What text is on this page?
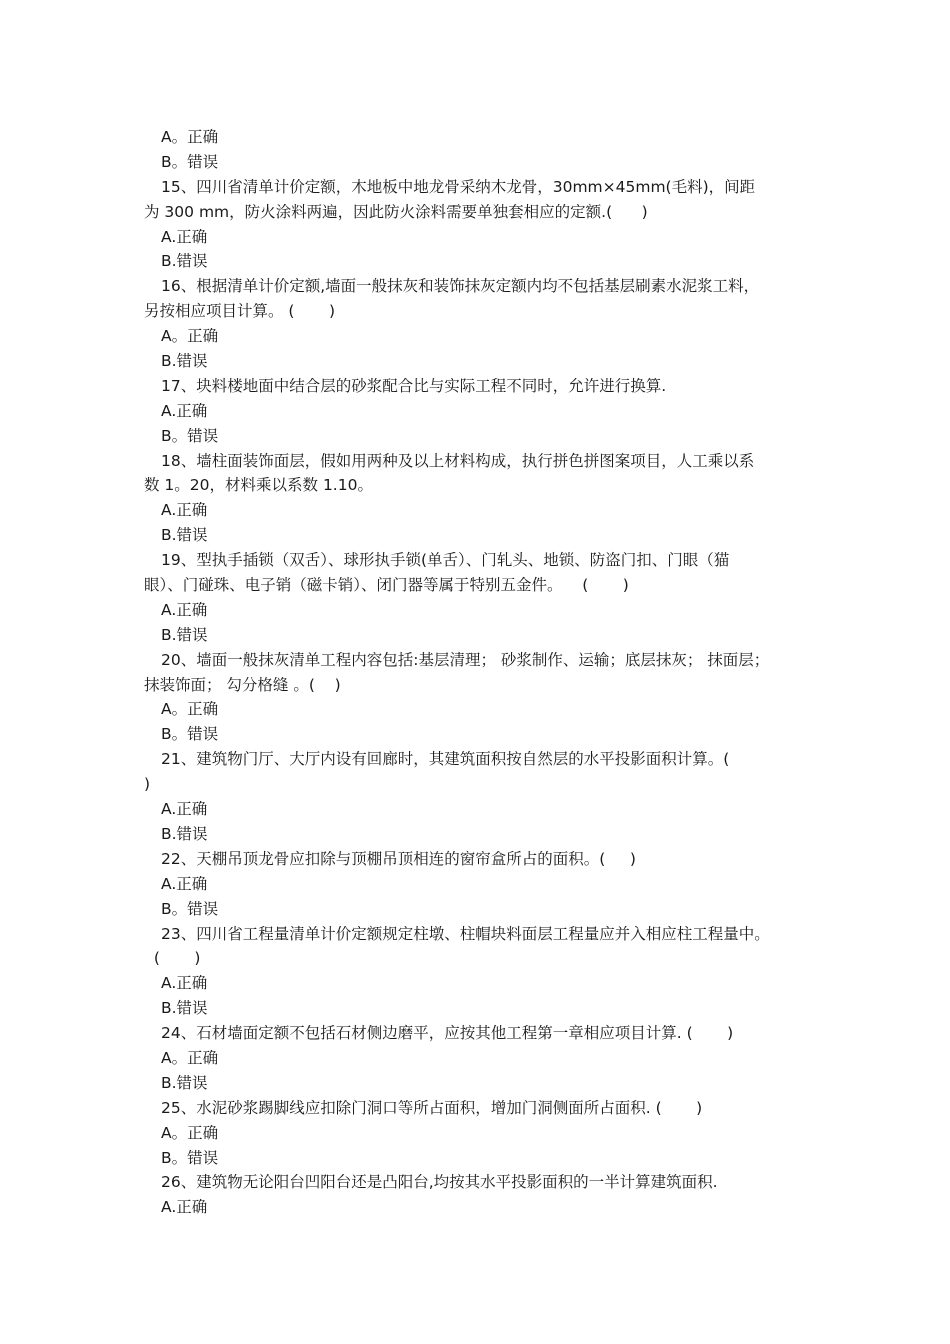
A。正确

B。错误

15、四川省清单计价定额，木地板中地龙骨采纳木龙骨，30mm×45mm(毛料)，间距

为 300 mm，防火涂料两遍，因此防火涂料需要单独套相应的定额.(      )

A.正确

B.错误

16、根据清单计价定额,墙面一般抹灰和装饰抹灰定额内均不包括基层刷素水泥浆工料，

另按相应项目计算。 (       )

A。正确

B.错误

17、块料楼地面中结合层的砂浆配合比与实际工程不同时，允许进行换算.

A.正确

B。错误

18、墙柱面装饰面层，假如用两种及以上材料构成，执行拼色拼图案项目，人工乘以系

数 1。20，材料乘以系数 1.10。

A.正确

B.错误

19、型执手插锁（双舌）、球形执手锁(单舌）、门轧头、地锁、防盗门扣、门眼（猫

眼）、门碰珠、电子销（磁卡销）、闭门器等属于特别五金件。    (       )

A.正确

B.错误

20、墙面一般抹灰清单工程内容包括:基层清理； 砂浆制作、运输；底层抹灰； 抹面层；

抹装饰面； 勾分格缝 。(    )

A。正确

B。错误

21、建筑物门厅、大厅内设有回廊时，其建筑面积按自然层的水平投影面积计算。(

)

A.正确

B.错误

22、天棚吊顶龙骨应扣除与顶棚吊顶相连的窗帘盒所占的面积。(     )

A.正确

B。错误

23、四川省工程量清单计价定额规定柱墩、柱帽块料面层工程量应并入相应柱工程量中。

(       )

A.正确

B.错误

24、石材墙面定额不包括石材侧边磨平，应按其他工程第一章相应项目计算. (       )

A。正确

B.错误

25、水泥砂浆踢脚线应扣除门洞口等所占面积，增加门洞侧面所占面积. (       )

A。正确

B。错误

26、建筑物无论阳台凹阳台还是凸阳台,均按其水平投影面积的一半计算建筑面积.

A.正确
